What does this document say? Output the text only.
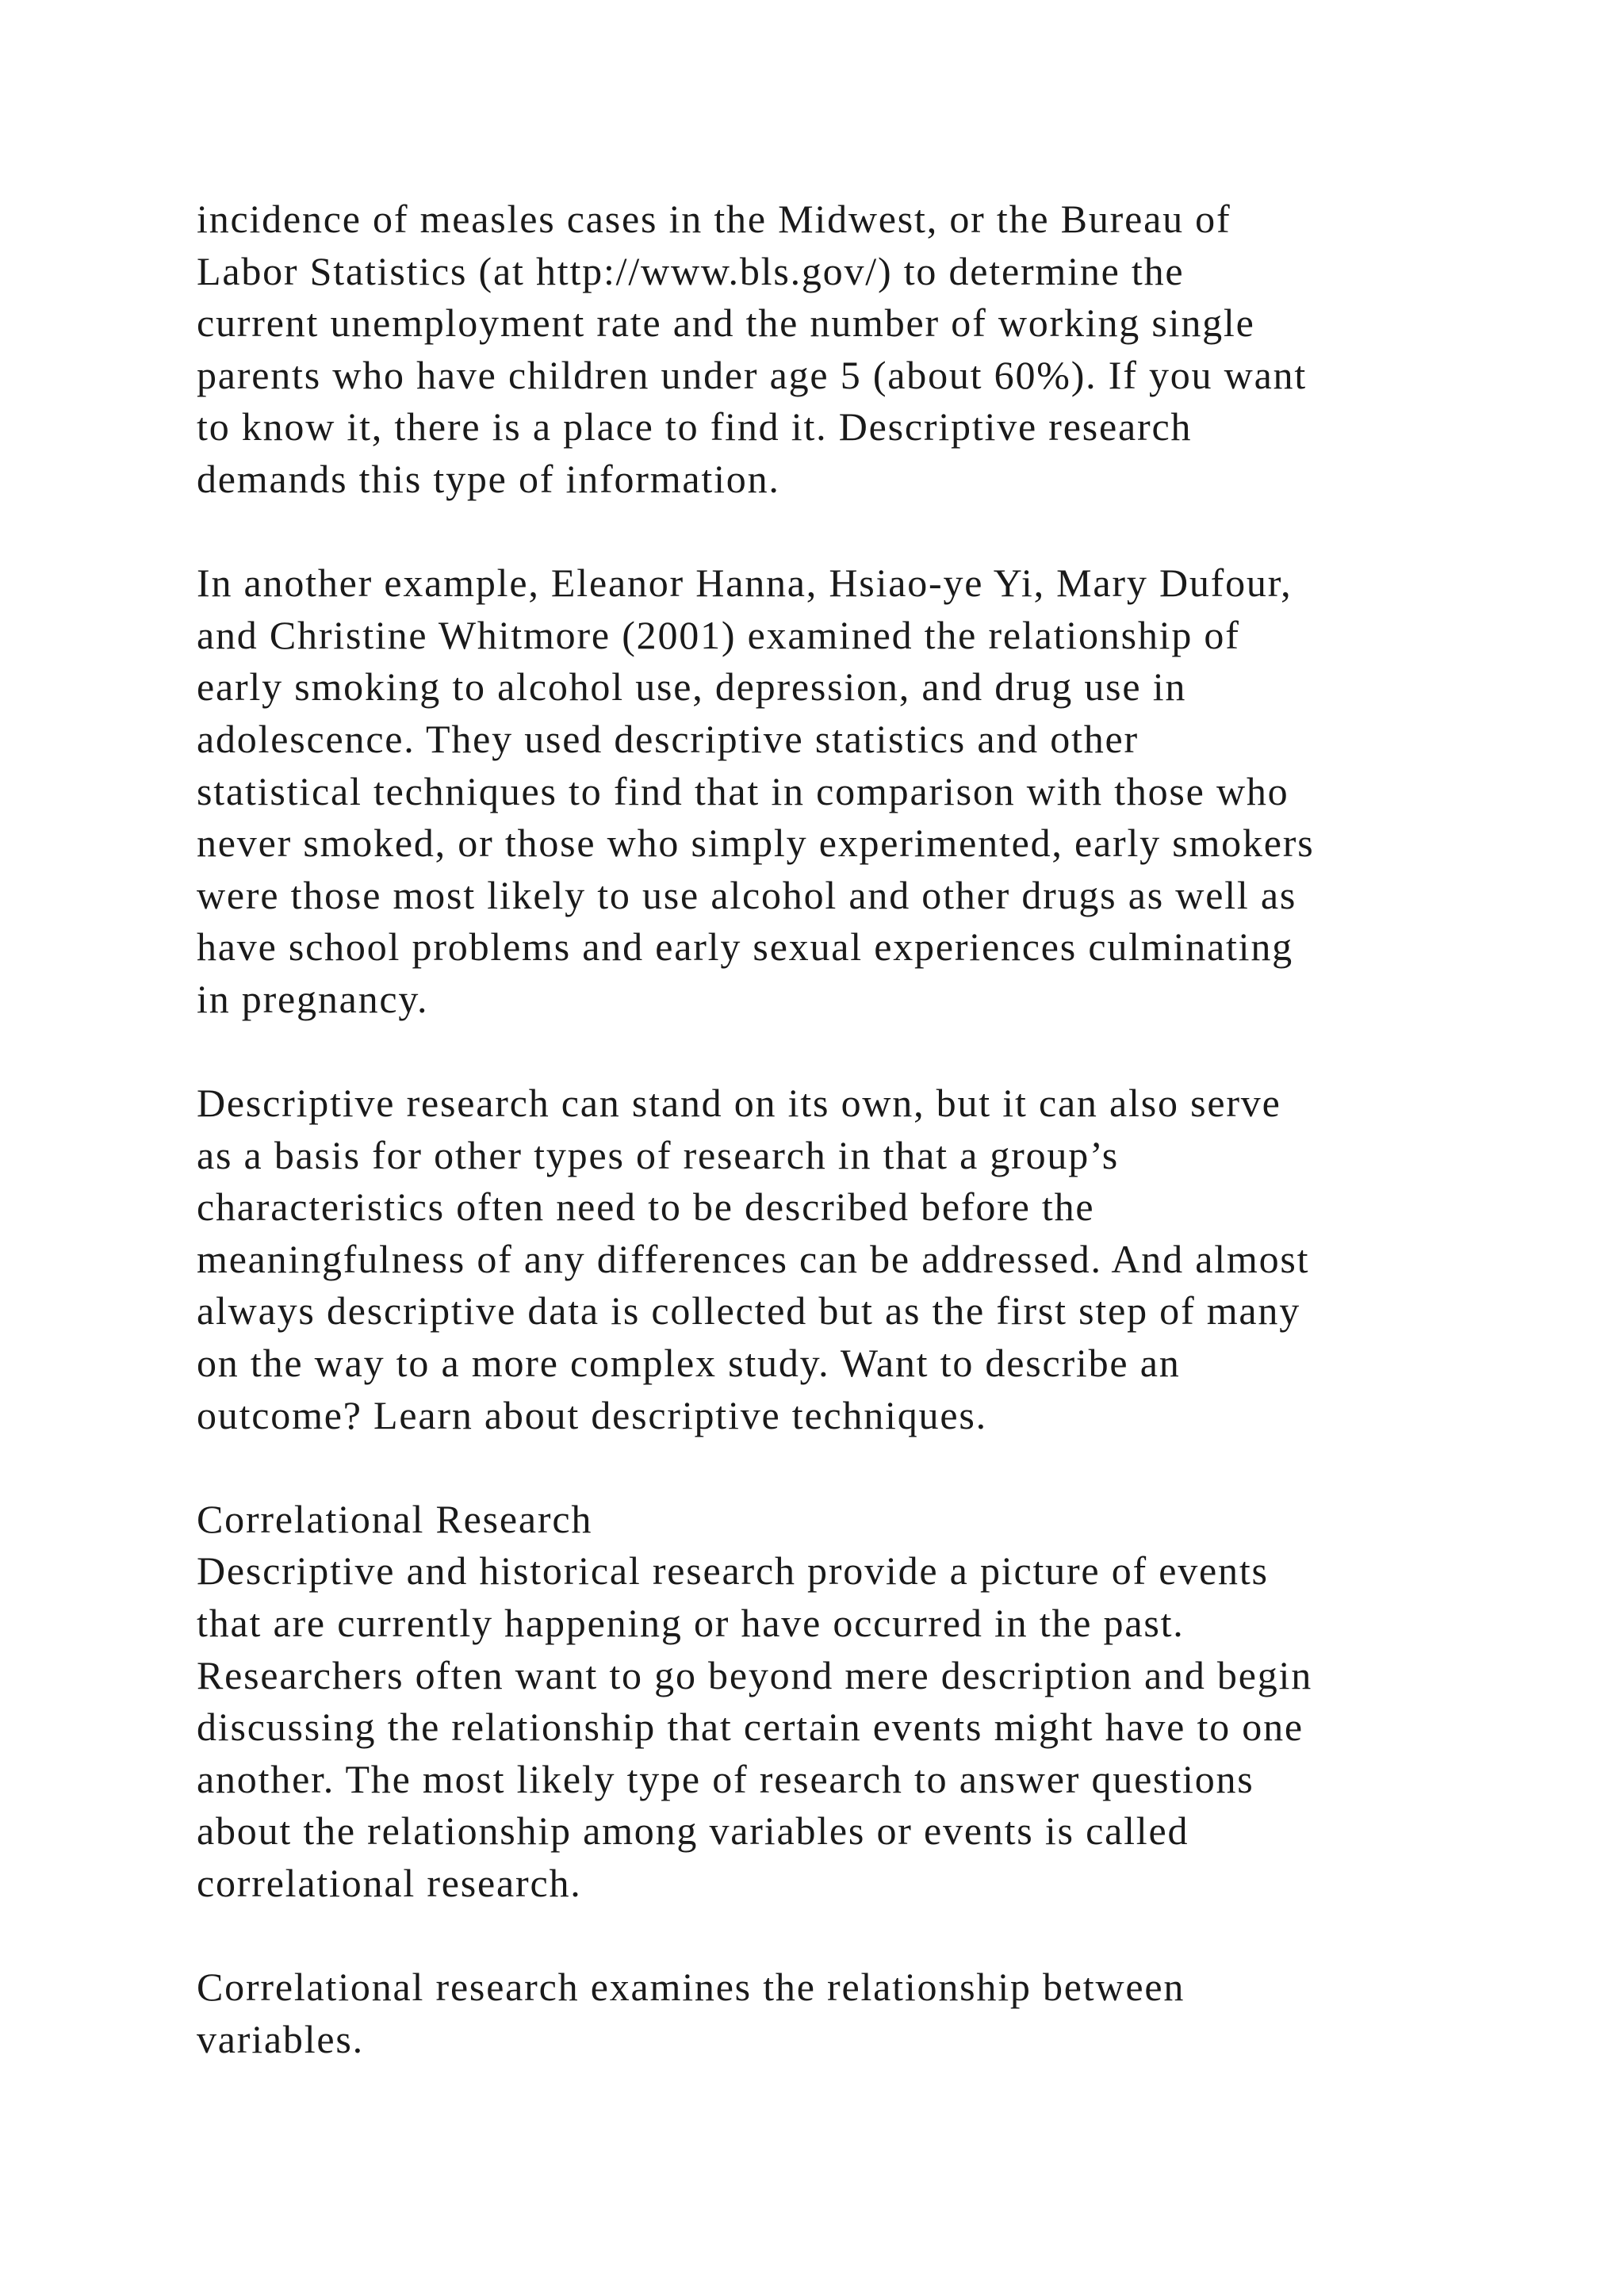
incidence of measles cases in the Midwest, or the Bureau of
Labor Statistics (at http://www.bls.gov/) to determine the
current unemployment rate and the number of working single
parents who have children under age 5 (about 60%). If you want
to know it, there is a place to find it. Descriptive research
demands this type of information.
In another example, Eleanor Hanna, Hsiao-ye Yi, Mary Dufour,
and Christine Whitmore (2001) examined the relationship of
early smoking to alcohol use, depression, and drug use in
adolescence. They used descriptive statistics and other
statistical techniques to find that in comparison with those who
never smoked, or those who simply experimented, early smokers
were those most likely to use alcohol and other drugs as well as
have school problems and early sexual experiences culminating
in pregnancy.
Descriptive research can stand on its own, but it can also serve
as a basis for other types of research in that a group’s
characteristics often need to be described before the
meaningfulness of any differences can be addressed. And almost
always descriptive data is collected but as the first step of many
on the way to a more complex study. Want to describe an
outcome? Learn about descriptive techniques.
Correlational Research
Descriptive and historical research provide a picture of events
that are currently happening or have occurred in the past.
Researchers often want to go beyond mere description and begin
discussing the relationship that certain events might have to one
another. The most likely type of research to answer questions
about the relationship among variables or events is called
correlational research.
Correlational research examines the relationship between
variables.
